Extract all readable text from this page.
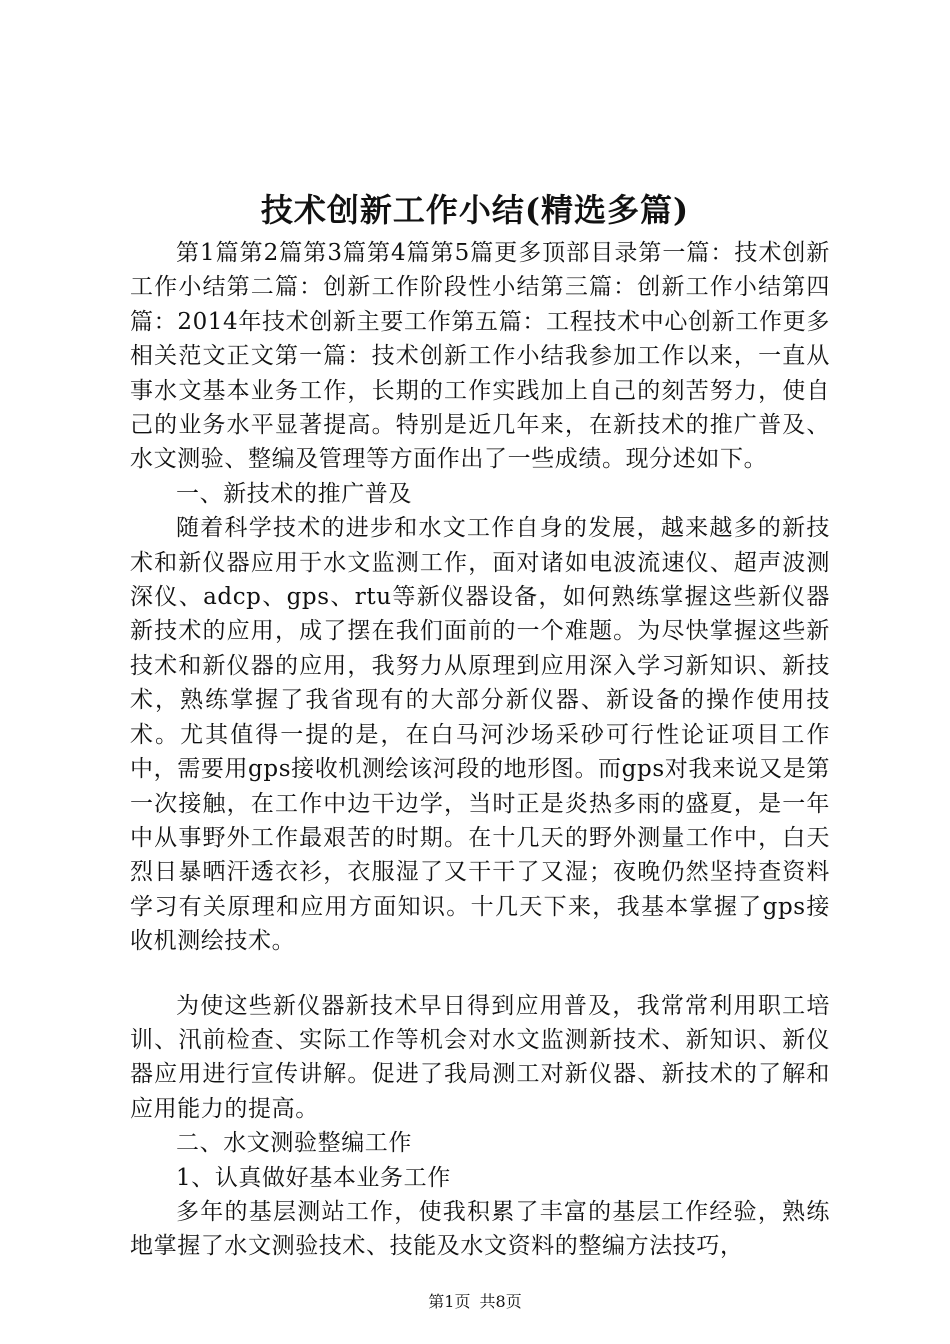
技术创新工作小结(精选多篇)

第1篇第2篇第3篇第4篇第5篇更多顶部目录第一篇：技术创新工作小结第二篇：创新工作阶段性小结第三篇：创新工作小结第四篇：2014年技术创新主要工作第五篇：工程技术中心创新工作更多相关范文正文第一篇：技术创新工作小结我参加工作以来，一直从事水文基本业务工作，长期的工作实践加上自己的刻苦努力，使自己的业务水平显著提高。特别是近几年来，在新技术的推广普及、水文测验、整编及管理等方面作出了一些成绩。现分述如下。

一、新技术的推广普及

随着科学技术的进步和水文工作自身的发展，越来越多的新技术和新仪器应用于水文监测工作，面对诸如电波流速仪、超声波测深仪、adcp、gps、rtu等新仪器设备，如何熟练掌握这些新仪器新技术的应用，成了摆在我们面前的一个难题。为尽快掌握这些新技术和新仪器的应用，我努力从原理到应用深入学习新知识、新技术，熟练掌握了我省现有的大部分新仪器、新设备的操作使用技术。尤其值得一提的是，在白马河沙场采砂可行性论证项目工作中，需要用gps接收机测绘该河段的地形图。而gps对我来说又是第一次接触，在工作中边干边学，当时正是炎热多雨的盛夏，是一年中从事野外工作最艰苦的时期。在十几天的野外测量工作中，白天烈日暴晒汗透衣衫，衣服湿了又干干了又湿；夜晚仍然坚持查资料学习有关原理和应用方面知识。十几天下来，我基本掌握了gps接收机测绘技术。

为使这些新仪器新技术早日得到应用普及，我常常利用职工培训、汛前检查、实际工作等机会对水文监测新技术、新知识、新仪器应用进行宣传讲解。促进了我局测工对新仪器、新技术的了解和应用能力的提高。

二、水文测验整编工作

1、认真做好基本业务工作

多年的基层测站工作，使我积累了丰富的基层工作经验，熟练地掌握了水文测验技术、技能及水文资料的整编方法技巧，

第1页 共8页
